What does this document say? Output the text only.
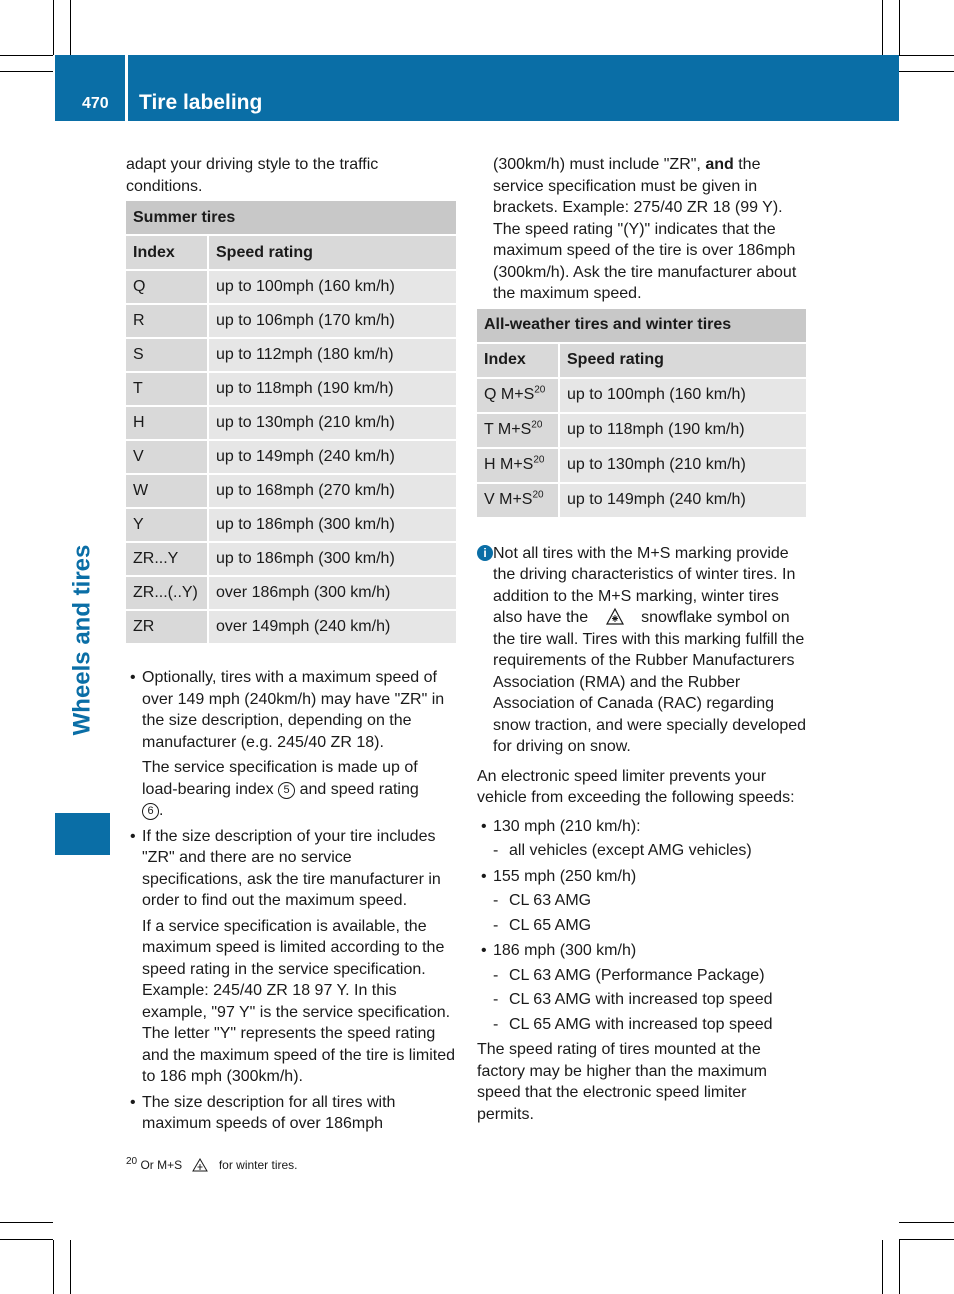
470 Tire labeling
Wheels and tires

adapt your driving style to the traffic conditions.

Summer tires	
Index	Speed rating
Q	up to 100mph (160 km/h)
R	up to 106mph (170 km/h)
S	up to 112mph (180 km/h)
T	up to 118mph (190 km/h)
H	up to 130mph (210 km/h)
V	up to 149mph (240 km/h)
W	up to 168mph (270 km/h)
Y	up to 186mph (300 km/h)
ZR...Y	up to 186mph (300 km/h)
ZR...(..Y)	over 186mph (300 km/h)
ZR	over 149mph (240 km/h)
• Optionally, tires with a maximum speed of over 149 mph (240km/h) may have "ZR" in the size description, depending on the manufacturer (e.g. 245/40 ZR 18).
The service specification is made up of load-bearing index 5 and speed rating
6 .
• If the size description of your tire includes "ZR" and there are no service specifications, ask the tire manufacturer in order to find out the maximum speed.
If a service specification is available, the maximum speed is limited according to the speed rating in the service specification. Example: 245/40 ZR 18 97 Y. In this example, "97 Y" is the service specification. The letter "Y" represents the speed rating and the maximum speed of the tire is limited to 186 mph (300km/h).
• The size description for all tires with maximum speeds of over 186mph

(300km/h) must include "ZR", and the service specification must be given in brackets. Example: 275/40 ZR 18 (99 Y). The speed rating "(Y)" indicates that the maximum speed of the tire is over 186mph (300km/h). Ask the tire manufacturer about the maximum speed.

All-weather tires and winter tires	
Index	Speed rating
Q $M+S^{20}$	up to 100mph (160 km/h)
T $M+S^{20}$	up to 118mph (190 km/h)
H $M+S^{20}$	up to 130mph (210 km/h)
V $M+S^{20}$	up to 149mph (240 km/h)
i Not all tires with the M+S marking provide the driving characteristics of winter tires. In addition to the M+S marking, winter tires also have the	snowflake symbol on the tire wall. Tires with this marking fulfill the requirements of the Rubber Manufacturers Association (RMA) and the Rubber Association of Canada (RAC) regarding snow traction, and were specially developed for driving on snow.

An electronic speed limiter prevents your vehicle from exceeding the following speeds:

• 130 mph (210 km/h):
- all vehicles (except AMG vehicles)
• 155 mph (250 km/h)
- CL 63 AMG
- CL 65 AMG
• 186 mph (300 km/h)
- CL 63 AMG (Performance Package)
- CL 63 AMG with increased top speed
- CL 65 AMG with increased top speed

The speed rating of tires mounted at the factory may be higher than the maximum speed that the electronic speed limiter permits.

$^{20}$ Or M+S	for winter tires.
